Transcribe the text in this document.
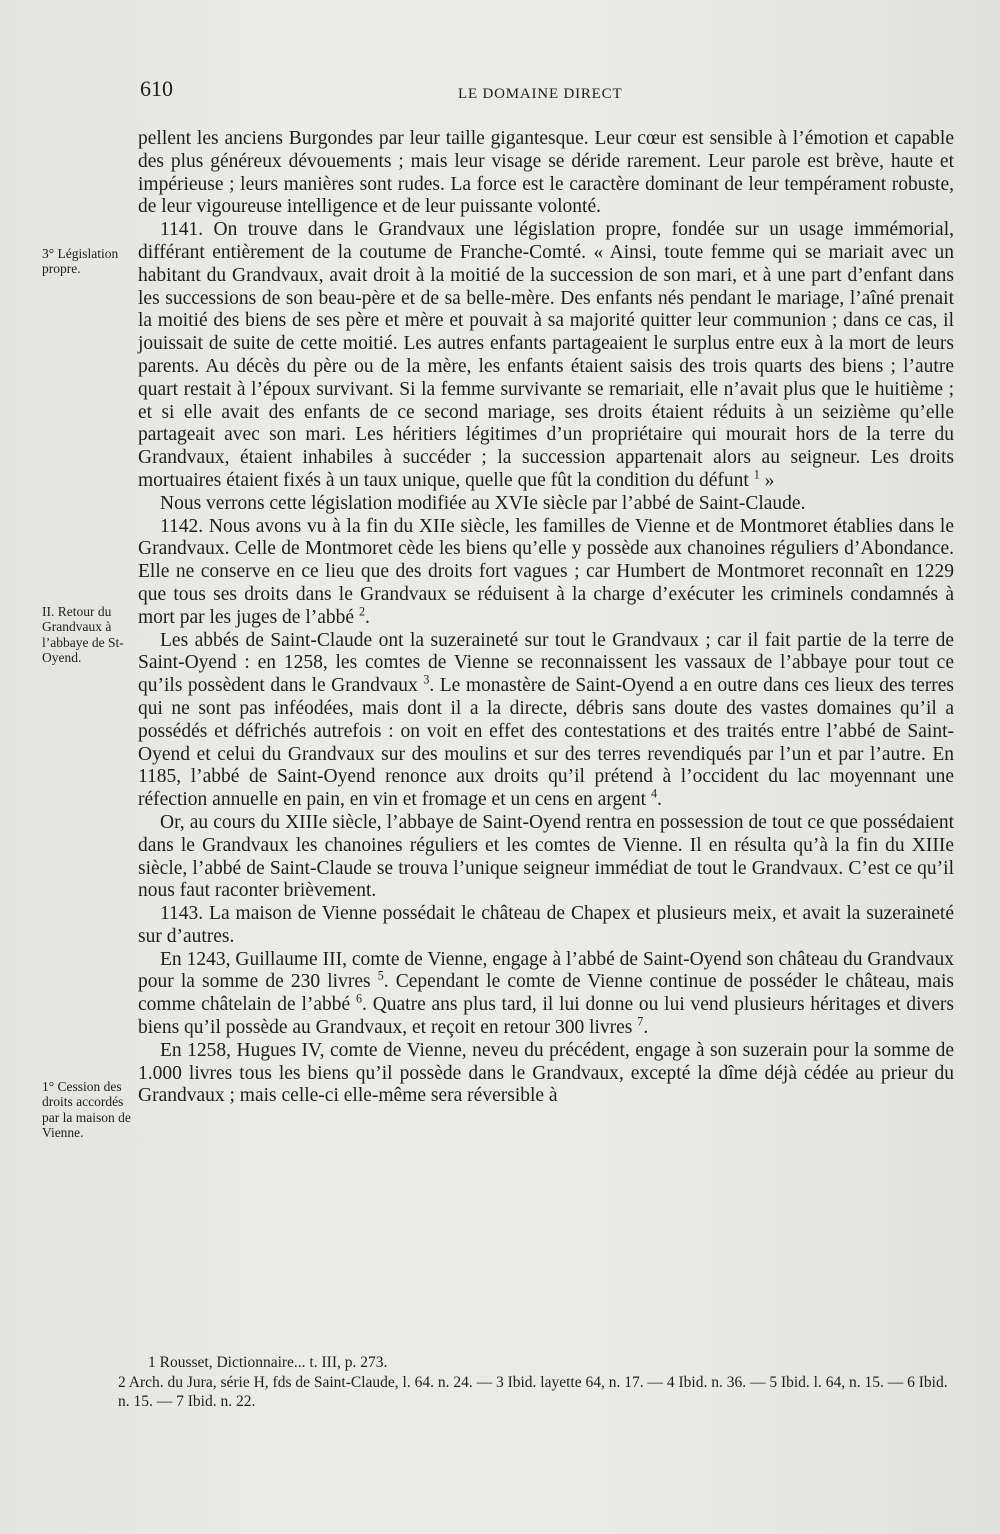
610	LE DOMAINE DIRECT
3° Législation propre.
II. Retour du Grandvaux à l’abbaye de St-Oyend.
1° Cession des droits accordés par la maison de Vienne.

pellent les anciens Burgondes par leur taille gigantesque. Leur cœur est sensible à l’émotion et capable des plus généreux dévouements ; mais leur visage se déride rarement. Leur parole est brève, haute et impérieuse ; leurs manières sont rudes. La force est le caractère dominant de leur tempérament robuste, de leur vigoureuse intelligence et de leur puissante volonté.

1141. On trouve dans le Grandvaux une législation propre, fondée sur un usage immémorial, différant entièrement de la coutume de Franche-Comté. « Ainsi, toute femme qui se mariait avec un habitant du Grandvaux, avait droit à la moitié de la succession de son mari, et à une part d’enfant dans les successions de son beau-père et de sa belle-mère. Des enfants nés pendant le mariage, l’aîné prenait la moitié des biens de ses père et mère et pouvait à sa majorité quitter leur communion ; dans ce cas, il jouissait de suite de cette moitié. Les autres enfants partageaient le surplus entre eux à la mort de leurs parents. Au décès du père ou de la mère, les enfants étaient saisis des trois quarts des biens ; l’autre quart restait à l’époux survivant. Si la femme survivante se remariait, elle n’avait plus que le huitième ; et si elle avait des enfants de ce second mariage, ses droits étaient réduits à un seizième qu’elle partageait avec son mari. Les héritiers légitimes d’un propriétaire qui mourait hors de la terre du Grandvaux, étaient inhabiles à succéder ; la succession appartenait alors au seigneur. Les droits mortuaires étaient fixés à un taux unique, quelle que fût la condition du défunt $^1$ »

Nous verrons cette législation modifiée au XVIe siècle par l’abbé de Saint-Claude.

1142. Nous avons vu à la fin du XIIe siècle, les familles de Vienne et de Montmoret établies dans le Grandvaux. Celle de Montmoret cède les biens qu’elle y possède aux chanoines réguliers d’Abondance. Elle ne conserve en ce lieu que des droits fort vagues ; car Humbert de Montmoret reconnaît en 1229 que tous ses droits dans le Grandvaux se réduisent à la charge d’exécuter les criminels condamnés à mort par les juges de l’abbé $^2$.

Les abbés de Saint-Claude ont la suzeraineté sur tout le Grandvaux ; car il fait partie de la terre de Saint-Oyend : en 1258, les comtes de Vienne se reconnaissent les vassaux de l’abbaye pour tout ce qu’ils possèdent dans le Grandvaux $^3$. Le monastère de Saint-Oyend a en outre dans ces lieux des terres qui ne sont pas inféodées, mais dont il a la directe, débris sans doute des vastes domaines qu’il a possédés et défrichés autrefois : on voit en effet des contestations et des traités entre l’abbé de Saint-Oyend et celui du Grandvaux sur des moulins et sur des terres revendiqués par l’un et par l’autre. En 1185, l’abbé de Saint-Oyend renonce aux droits qu’il prétend à l’occident du lac moyennant une réfection annuelle en pain, en vin et fromage et un cens en argent $^4$.

Or, au cours du XIIIe siècle, l’abbaye de Saint-Oyend rentra en possession de tout ce que possédaient dans le Grandvaux les chanoines réguliers et les comtes de Vienne. Il en résulta qu’à la fin du XIIIe siècle, l’abbé de Saint-Claude se trouva l’unique seigneur immédiat de tout le Grandvaux. C’est ce qu’il nous faut raconter brièvement.

1143. La maison de Vienne possédait le château de Chapex et plusieurs meix, et avait la suzeraineté sur d’autres.

En 1243, Guillaume III, comte de Vienne, engage à l’abbé de Saint-Oyend son château du Grandvaux pour la somme de 230 livres $^5$. Cependant le comte de Vienne continue de posséder le château, mais comme châtelain de l’abbé $^6$. Quatre ans plus tard, il lui donne ou lui vend plusieurs héritages et divers biens qu’il possède au Grandvaux, et reçoit en retour 300 livres $^7$.

En 1258, Hugues IV, comte de Vienne, neveu du précédent, engage à son suzerain pour la somme de 1.000 livres tous les biens qu’il possède dans le Grandvaux, excepté la dîme déjà cédée au prieur du Grandvaux ; mais celle-ci elle-même sera réversible à

1 Rousset, Dictionnaire... t. III, p. 273.

2 Arch. du Jura, série H, fds de Saint-Claude, l. 64. n. 24. — 3 Ibid. layette 64, n. 17. — 4 Ibid. n. 36. — 5 Ibid. l. 64, n. 15. — 6 Ibid. n. 15. — 7 Ibid. n. 22.
